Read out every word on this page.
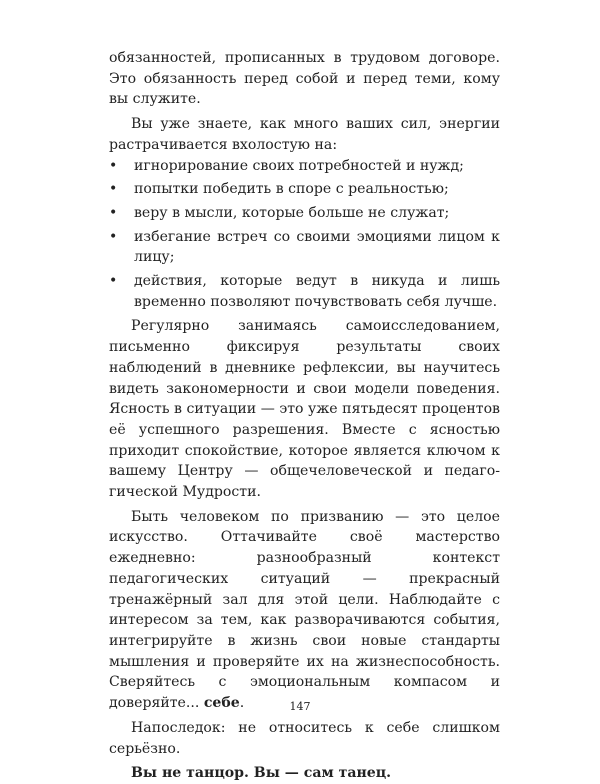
обязанностей, прописанных в трудовом договоре. Это обязанность перед собой и перед теми, кому вы служите.

Вы уже знаете, как много ваших сил, энергии растрачивается вхолостую на:

• игнорирование своих потребностей и нужд;
• попытки победить в споре с реальностью;
• веру в мысли, которые больше не служат;
• избегание встреч со своими эмоциями лицом к лицу;
• действия, которые ведут в никуда и лишь временно позволяют почувствовать себя лучше.

Регулярно занимаясь самоисследованием, письменно фиксируя результаты своих наблюдений в дневнике рефлексии, вы научитесь видеть закономерности и свои модели поведения. Ясность в ситуации — это уже пятьдесят процентов её успешного разрешения. Вместе с ясностью приходит спокойствие, которое является ключом к вашему Центру — общечеловеческой и педагогической Мудрости.

Быть человеком по призванию — это целое искусство. Оттачивайте своё мастерство ежедневно: разнообразный контекст педагогических ситуаций — прекрасный тренажёрный зал для этой цели. Наблюдайте с интересом за тем, как разворачиваются события, интегрируйте в жизнь свои новые стандарты мышления и проверяйте их на жизнеспособность. Сверяйтесь с эмоциональным компасом и доверяйте... себе.

Напоследок: не относитесь к себе слишком серьёзно.

Вы не танцор. Вы — сам танец.

147
